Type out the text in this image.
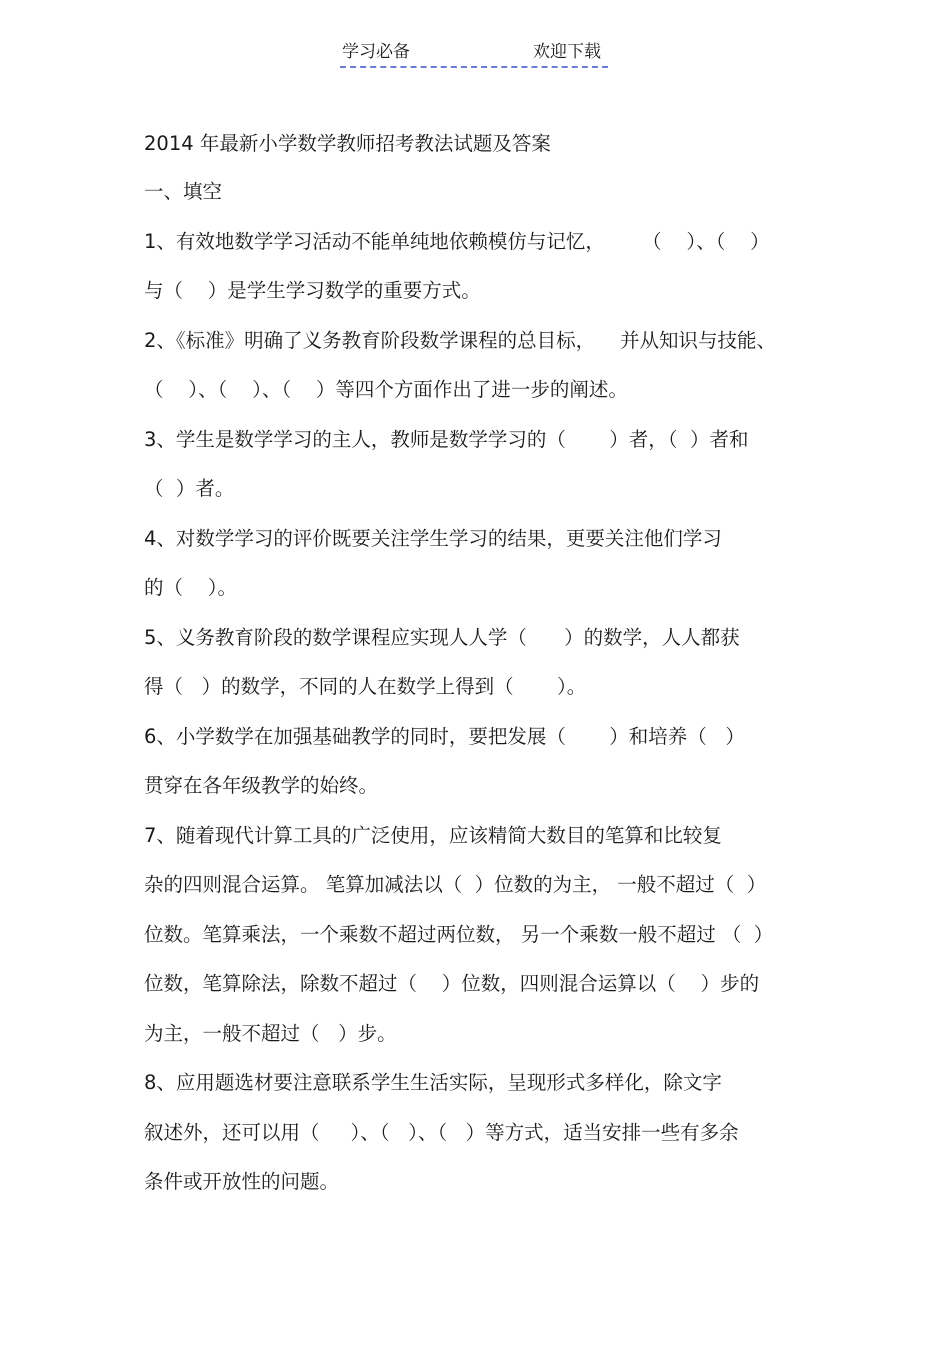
学习必备	欢迎下载
2014 年最新小学数学教师招考教法试题及答案
一、填空
1、有效地数学学习活动不能单纯地依赖模仿与记忆，      （    ）、（    ）
与（    ）是学生学习数学的重要方式。
2、《标准》明确了义务教育阶段数学课程的总目标，    并从知识与技能、
（    ）、（    ）、（    ）等四个方面作出了进一步的阐述。
3、学生是数学学习的主人，教师是数学学习的（       ）者，（  ）者和
（  ）者。
4、对数学学习的评价既要关注学生学习的结果，更要关注他们学习
的（    ）。
5、义务教育阶段的数学课程应实现人人学（      ）的数学，人人都获
得（   ）的数学，不同的人在数学上得到（       ）。
6、小学数学在加强基础教学的同时，要把发展（       ）和培养（   ）
贯穿在各年级教学的始终。
7、随着现代计算工具的广泛使用，应该精简大数目的笔算和比较复
杂的四则混合运算。 笔算加减法以（  ）位数的为主， 一般不超过（  ）
位数。笔算乘法，一个乘数不超过两位数， 另一个乘数一般不超过 （  ）
位数，笔算除法，除数不超过（    ）位数，四则混合运算以（    ）步的
为主，一般不超过（   ）步。
8、应用题选材要注意联系学生生活实际，呈现形式多样化，除文字
叙述外，还可以用（     ）、（   ）、（   ）等方式，适当安排一些有多余
条件或开放性的问题。
